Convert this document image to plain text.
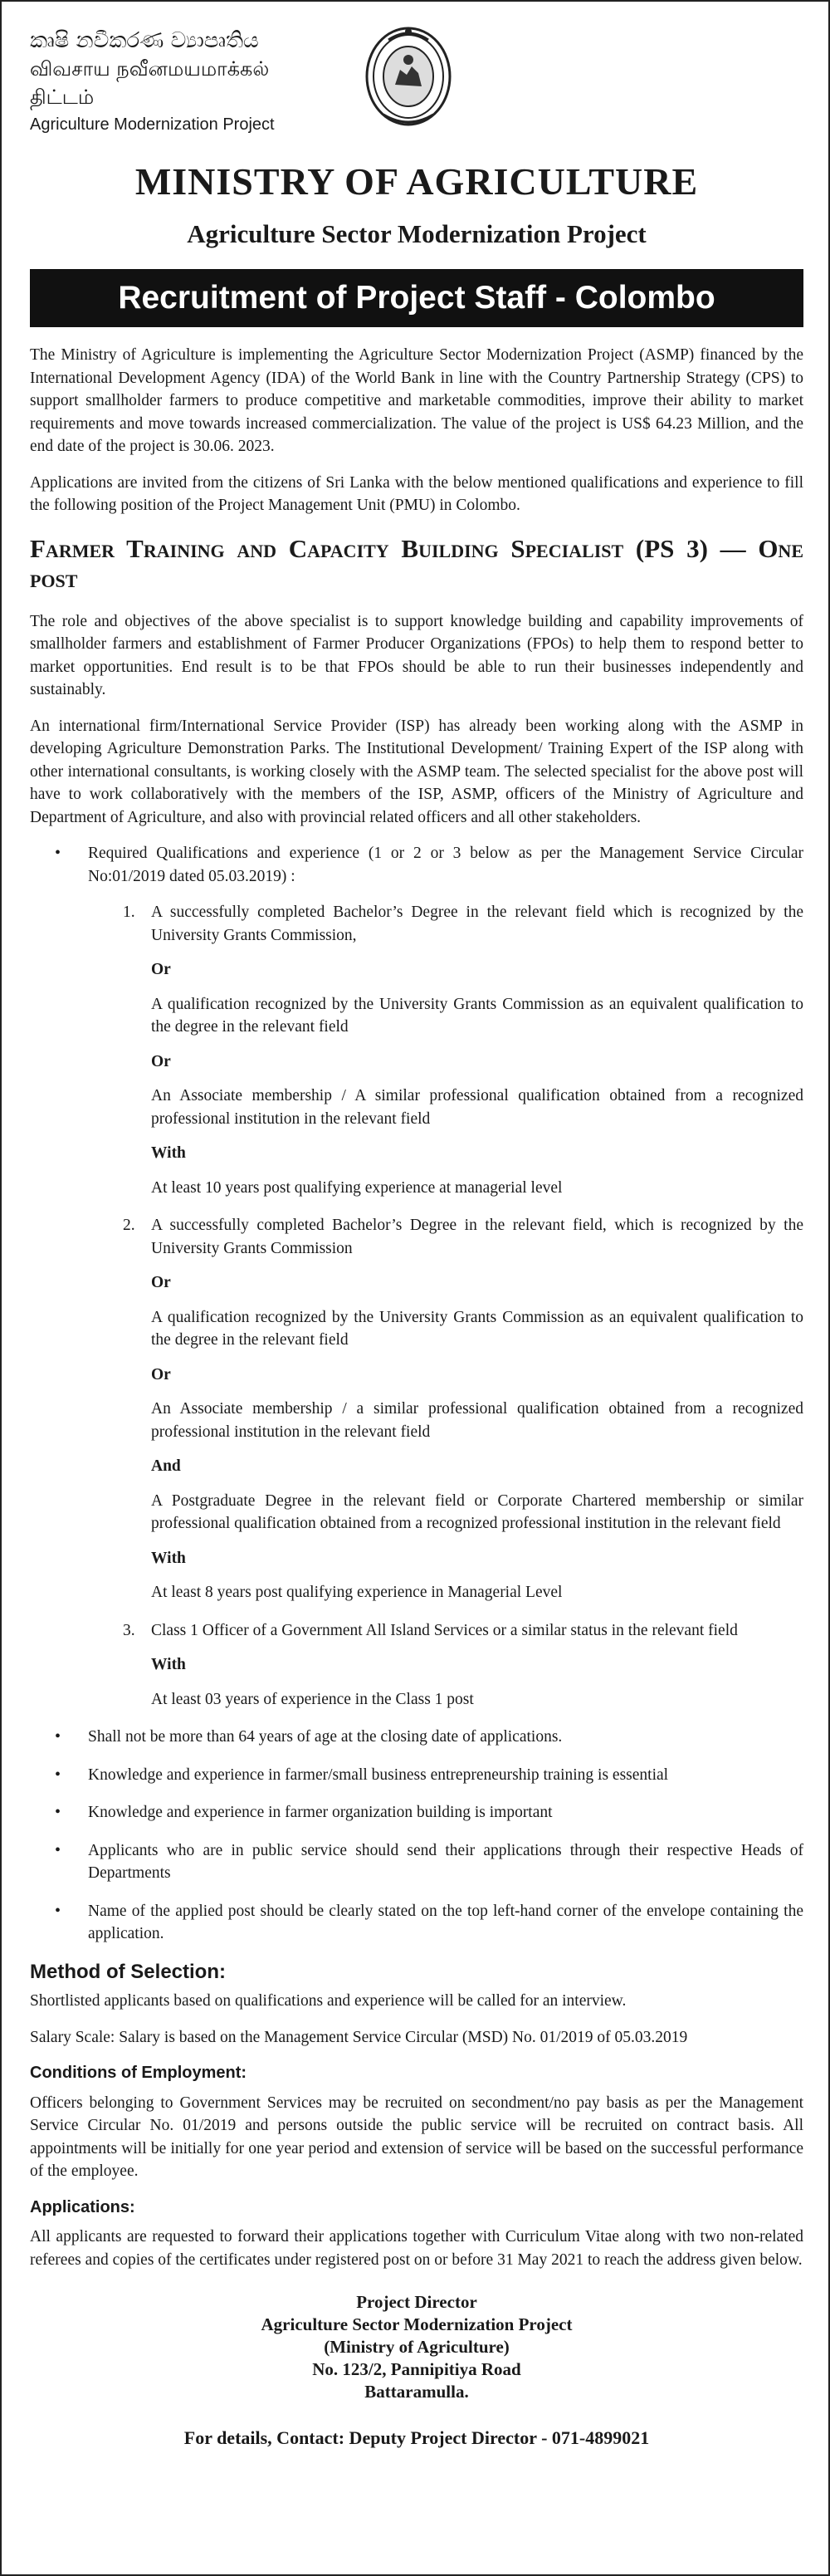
කෘෂි නවීකරණ ව්‍යාපෘතිය
விவசாய நவீனமயமாக்கல் திட்டம்
Agriculture Modernization Project
MINISTRY OF AGRICULTURE
Agriculture Sector Modernization Project
Recruitment of Project Staff - Colombo

The Ministry of Agriculture is implementing the Agriculture Sector Modernization Project (ASMP) financed by the International Development Agency (IDA) of the World Bank in line with the Country Partnership Strategy (CPS) to support smallholder farmers to produce competitive and marketable commodities, improve their ability to market requirements and move towards increased commercialization. The value of the project is US$ 64.23 Million, and the end date of the project is 30.06. 2023.

Applications are invited from the citizens of Sri Lanka with the below mentioned qualifications and experience to fill the following position of the Project Management Unit (PMU) in Colombo.

Farmer Training and Capacity Building Specialist (PS 3) — One post

The role and objectives of the above specialist is to support knowledge building and capability improvements of smallholder farmers and establishment of Farmer Producer Organizations (FPOs) to help them to respond better to market opportunities. End result is to be that FPOs should be able to run their businesses independently and sustainably.

An international firm/International Service Provider (ISP) has already been working along with the ASMP in developing Agriculture Demonstration Parks. The Institutional Development/ Training Expert of the ISP along with other international consultants, is working closely with the ASMP team. The selected specialist for the above post will have to work collaboratively with the members of the ISP, ASMP, officers of the Ministry of Agriculture and Department of Agriculture, and also with provincial related officers and all other stakeholders.

• Required Qualifications and experience (1 or 2 or 3 below as per the Management Service Circular No:01/2019 dated 05.03.2019) :
1. A successfully completed Bachelor’s Degree in the relevant field which is recognized by the University Grants Commission,

Or

A qualification recognized by the University Grants Commission as an equivalent qualification to the degree in the relevant field

Or

An Associate membership / A similar professional qualification obtained from a recognized professional institution in the relevant field

With

At least 10 years post qualifying experience at managerial level

2. A successfully completed Bachelor’s Degree in the relevant field, which is recognized by the University Grants Commission

Or

A qualification recognized by the University Grants Commission as an equivalent qualification to the degree in the relevant field

Or

An Associate membership / a similar professional qualification obtained from a recognized professional institution in the relevant field

And

A Postgraduate Degree in the relevant field or Corporate Chartered membership or similar professional qualification obtained from a recognized professional institution in the relevant field

With

At least 8 years post qualifying experience in Managerial Level

3. Class 1 Officer of a Government All Island Services or a similar status in the relevant field

With

At least 03 years of experience in the Class 1 post

• Shall not be more than 64 years of age at the closing date of applications.
• Knowledge and experience in farmer/small business entrepreneurship training is essential
• Knowledge and experience in farmer organization building is important
• Applicants who are in public service should send their applications through their respective Heads of Departments
• Name of the applied post should be clearly stated on the top left-hand corner of the envelope containing the application.

Method of Selection:

Shortlisted applicants based on qualifications and experience will be called for an interview.

Salary Scale: Salary is based on the Management Service Circular (MSD) No. 01/2019 of 05.03.2019

Conditions of Employment:

Officers belonging to Government Services may be recruited on secondment/no pay basis as per the Management Service Circular No. 01/2019 and persons outside the public service will be recruited on contract basis. All appointments will be initially for one year period and extension of service will be based on the successful performance of the employee.

Applications:

All applicants are requested to forward their applications together with Curriculum Vitae along with two non-related referees and copies of the certificates under registered post on or before 31 May 2021 to reach the address given below.

Project Director
Agriculture Sector Modernization Project
(Ministry of Agriculture)
No. 123/2, Pannipitiya Road
Battaramulla.
For details, Contact: Deputy Project Director - 071-4899021
